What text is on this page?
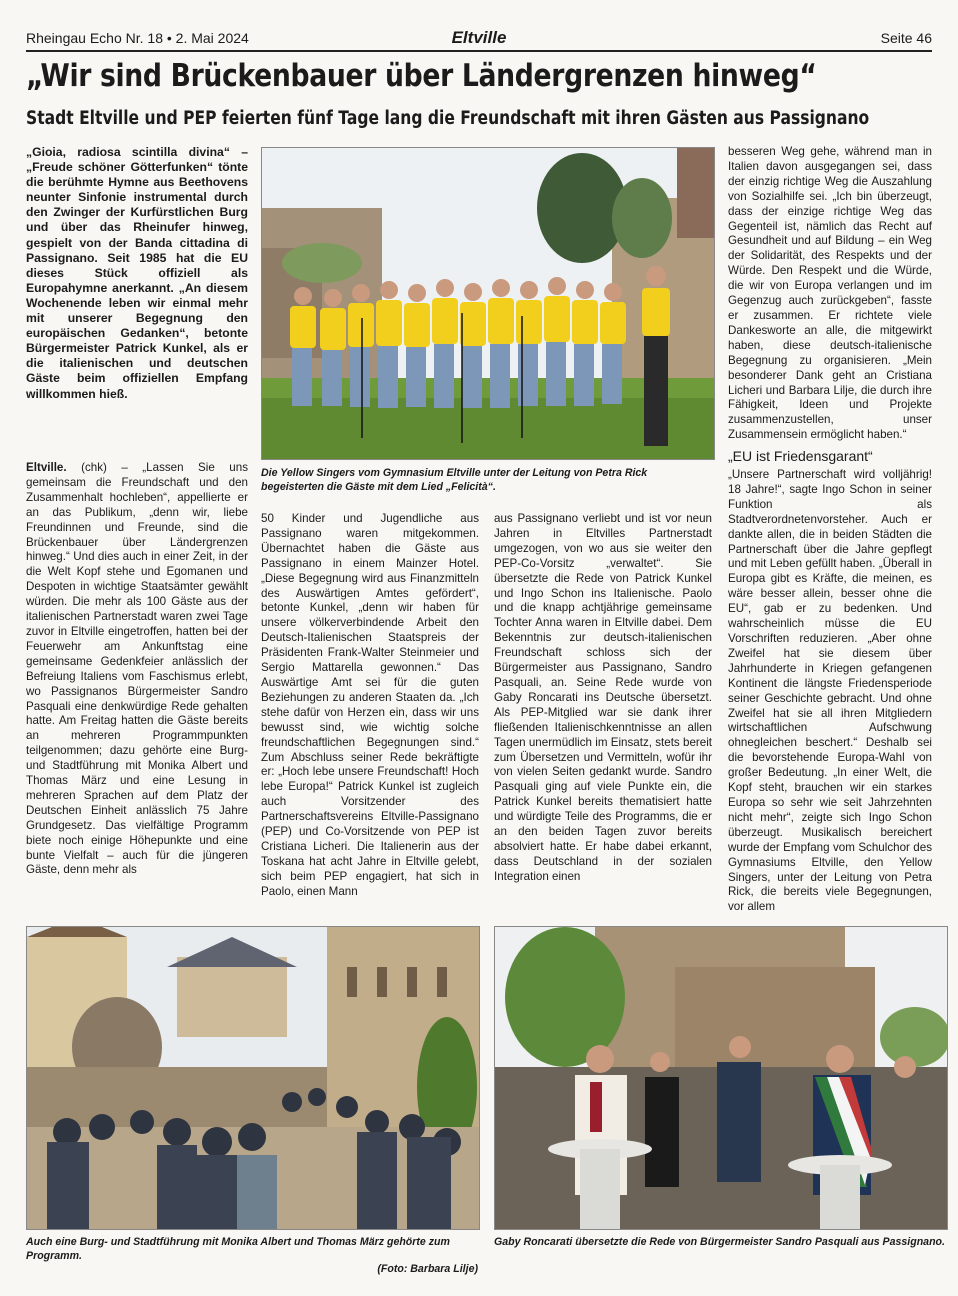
Rheingau Echo Nr. 18 • 2. Mai 2024	Eltville	Seite 46
„Wir sind Brückenbauer über Ländergrenzen hinweg“
Stadt Eltville und PEP feierten fünf Tage lang die Freundschaft mit ihren Gästen aus Passignano
„Gioia, radiosa scintilla divina“ – „Freude schöner Götterfunken“ tönte die berühmte Hymne aus Beethovens neunter Sinfonie instrumental durch den Zwinger der Kurfürstlichen Burg und über das Rheinufer hinweg, gespielt von der Banda cittadina di Passignano. Seit 1985 hat die EU dieses Stück offiziell als Europahymne anerkannt. „An diesem Wochenende leben wir einmal mehr mit unserer Begegnung den europäischen Gedanken“, betonte Bürgermeister Patrick Kunkel, als er die italienischen und deutschen Gäste beim offiziellen Empfang willkommen hieß.
Die Yellow Singers vom Gymnasium Eltville unter der Leitung von Petra Rick begeisterten die Gäste mit dem Lied „Felicità“.
Eltville. (chk) – „Lassen Sie uns gemeinsam die Freundschaft und den Zusammenhalt hochleben“, appellierte er an das Publikum, „denn wir, liebe Freundinnen und Freunde, sind die Brückenbauer über Ländergrenzen hinweg.“ Und dies auch in einer Zeit, in der die Welt Kopf stehe und Egomanen und Despoten in wichtige Staatsämter gewählt würden. Die mehr als 100 Gäste aus der italienischen Partnerstadt waren zwei Tage zuvor in Eltville eingetroffen, hatten bei der Feuerwehr am Ankunftstag eine gemeinsame Gedenkfeier anlässlich der Befreiung Italiens vom Faschismus erlebt, wo Passignanos Bürgermeister Sandro Pasquali eine denkwürdige Rede gehalten hatte. Am Freitag hatten die Gäste bereits an mehreren Programmpunkten teilgenommen; dazu gehörte eine Burg- und Stadtführung mit Monika Albert und Thomas März und eine Lesung in mehreren Sprachen auf dem Platz der Deutschen Einheit anlässlich 75 Jahre Grundgesetz. Das vielfältige Programm biete noch einige Höhepunkte und eine bunte Vielfalt – auch für die jüngeren Gäste, denn mehr als
50 Kinder und Jugendliche aus Passignano waren mitgekommen. Übernachtet haben die Gäste aus Passignano in einem Mainzer Hotel. „Diese Begegnung wird aus Finanzmitteln des Auswärtigen Amtes gefördert“, betonte Kunkel, „denn wir haben für unsere völkerverbindende Arbeit den Deutsch-Italienischen Staatspreis der Präsidenten Frank-Walter Steinmeier und Sergio Mattarella gewonnen.“ Das Auswärtige Amt sei für die guten Beziehungen zu anderen Staaten da. „Ich stehe dafür von Herzen ein, dass wir uns bewusst sind, wie wichtig solche freundschaftlichen Begegnungen sind.“ Zum Abschluss seiner Rede bekräftigte er: „Hoch lebe unsere Freundschaft! Hoch lebe Europa!“ Patrick Kunkel ist zugleich auch Vorsitzender des Partnerschaftsvereins Eltville-Passignano (PEP) und Co-Vorsitzende von PEP ist Cristiana Licheri. Die Italienerin aus der Toskana hat acht Jahre in Eltville gelebt, sich beim PEP engagiert, hat sich in Paolo, einen Mann
aus Passignano verliebt und ist vor neun Jahren in Eltvilles Partnerstadt umgezogen, von wo aus sie weiter den PEP-Co-Vorsitz „verwaltet“. Sie übersetzte die Rede von Patrick Kunkel und Ingo Schon ins Italienische. Paolo und die knapp achtjährige gemeinsame Tochter Anna waren in Eltville dabei. Dem Bekenntnis zur deutsch-italienischen Freundschaft schloss sich der Bürgermeister aus Passignano, Sandro Pasquali, an. Seine Rede wurde von Gaby Roncarati ins Deutsche übersetzt. Als PEP-Mitglied war sie dank ihrer fließenden Italienischkenntnisse an allen Tagen unermüdlich im Einsatz, stets bereit zum Übersetzen und Vermitteln, wofür ihr von vielen Seiten gedankt wurde. Sandro Pasquali ging auf viele Punkte ein, die Patrick Kunkel bereits thematisiert hatte und würdigte Teile des Programms, die er an den beiden Tagen zuvor bereits absolviert hatte. Er habe dabei erkannt, dass Deutschland in der sozialen Integration einen

besseren Weg gehe, während man in Italien davon ausgegangen sei, dass der einzig richtige Weg die Auszahlung von Sozialhilfe sei. „Ich bin überzeugt, dass der einzige richtige Weg das Gegenteil ist, nämlich das Recht auf Gesundheit und auf Bildung – ein Weg der Solidarität, des Respekts und der Würde. Den Respekt und die Würde, die wir von Europa verlangen und im Gegenzug auch zurückgeben“, fasste er zusammen. Er richtete viele Dankesworte an alle, die mitgewirkt haben, diese deutsch-italienische Begegnung zu organisieren. „Mein besonderer Dank geht an Cristiana Licheri und Barbara Lilje, die durch ihre Fähigkeit, Ideen und Projekte zusammenzustellen, unser Zusammensein ermöglicht haben.“

„EU ist Friedensgarant“

„Unsere Partnerschaft wird volljährig! 18 Jahre!“, sagte Ingo Schon in seiner Funktion als Stadtverordnetenvorsteher. Auch er dankte allen, die in beiden Städten die Partnerschaft über die Jahre gepflegt und mit Leben gefüllt haben. „Überall in Europa gibt es Kräfte, die meinen, es wäre besser allein, besser ohne die EU“, gab er zu bedenken. Und wahrscheinlich müsse die EU Vorschriften reduzieren. „Aber ohne Zweifel hat sie diesem über Jahrhunderte in Kriegen gefangenen Kontinent die längste Friedensperiode seiner Geschichte gebracht. Und ohne Zweifel hat sie all ihren Mitgliedern wirtschaftlichen Aufschwung ohnegleichen beschert.“ Deshalb sei die bevorstehende Europa-Wahl von großer Bedeutung. „In einer Welt, die Kopf steht, brauchen wir ein starkes Europa so sehr wie seit Jahrzehnten nicht mehr“, zeigte sich Ingo Schon überzeugt. Musikalisch bereichert wurde der Empfang vom Schulchor des Gymnasiums Eltville, den Yellow Singers, unter der Leitung von Petra Rick, die bereits viele Begegnungen, vor allem

Auch eine Burg- und Stadtführung mit Monika Albert und Thomas März gehörte zum Programm.
(Foto: Barbara Lilje)
Gaby Roncarati übersetzte die Rede von Bürgermeister Sandro Pasquali aus Passignano.
